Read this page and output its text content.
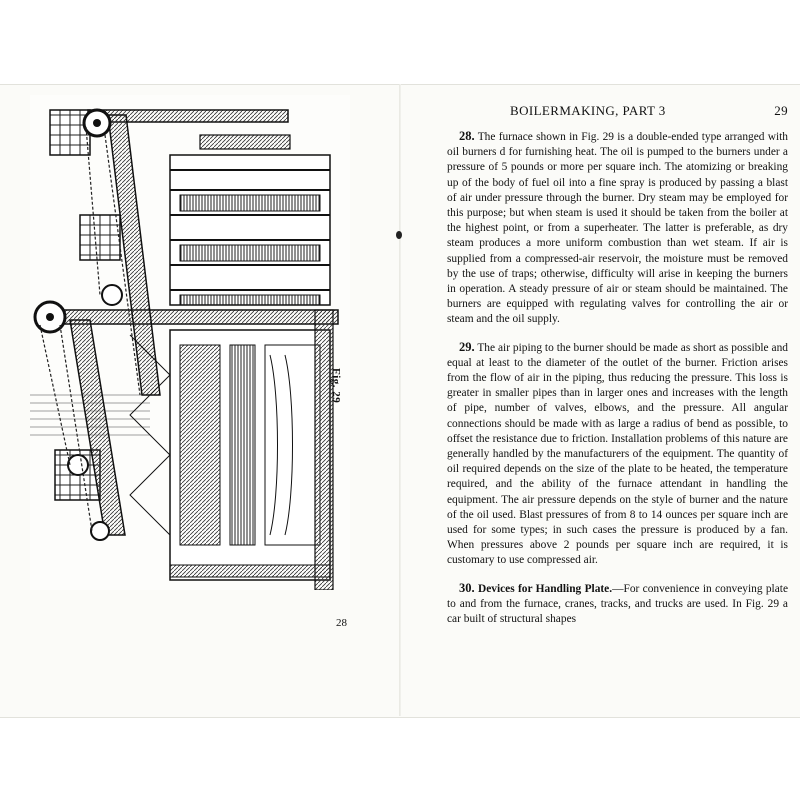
Fig. 29
28
BOILERMAKING, PART 3	29

28. The furnace shown in Fig. 29 is a double-ended type arranged with oil burners d for furnishing heat. The oil is pumped to the burners under a pressure of 5 pounds or more per square inch. The atomizing or breaking up of the body of fuel oil into a fine spray is produced by passing a blast of air under pressure through the burner. Dry steam may be employed for this purpose; but when steam is used it should be taken from the boiler at the highest point, or from a superheater. The latter is preferable, as dry steam produces a more uniform combustion than wet steam. If air is supplied from a compressed-air reservoir, the moisture must be removed by the use of traps; otherwise, difficulty will arise in keeping the burners in operation. A steady pressure of air or steam should be maintained. The burners are equipped with regulating valves for controlling the air or steam and the oil supply.

29. The air piping to the burner should be made as short as possible and equal at least to the diameter of the outlet of the burner. Friction arises from the flow of air in the piping, thus reducing the pressure. This loss is greater in smaller pipes than in larger ones and increases with the length of pipe, number of valves, elbows, and the pressure. All angular connections should be made with as large a radius of bend as possible, to offset the resistance due to friction. Installation problems of this nature are generally handled by the manufacturers of the equipment. The quantity of oil required depends on the size of the plate to be heated, the temperature required, and the ability of the furnace attendant in handling the equipment. The air pressure depends on the style of burner and the nature of the oil used. Blast pressures of from 8 to 14 ounces per square inch are used for some types; in such cases the pressure is produced by a fan. When pressures above 2 pounds per square inch are required, it is customary to use compressed air.

30. Devices for Handling Plate.—For convenience in conveying plate to and from the furnace, cranes, tracks, and trucks are used. In Fig. 29 a car built of structural shapes
